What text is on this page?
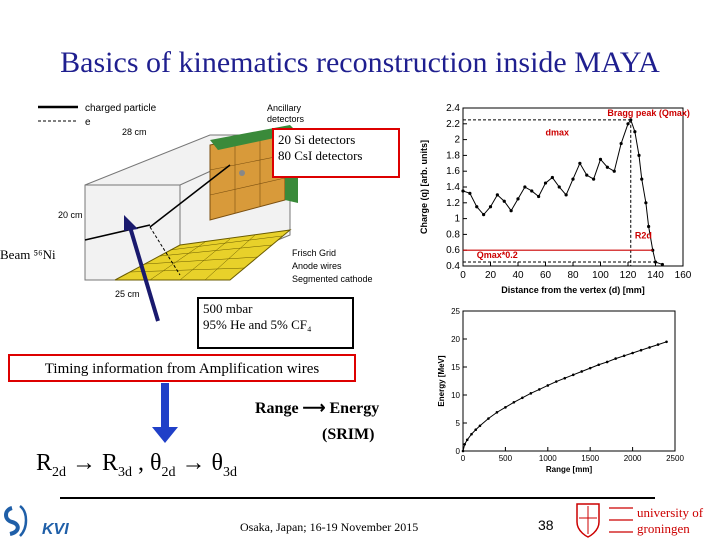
Basics of kinematics reconstruction inside MAYA
charged particle
e
28 cm
20 cm
25 cm
Ancillary
detectors
Frisch Grid
Anode wires
Segmented cathode
20 Si detectors
80 CsI detectors
Beam ⁵⁶Ni
500 mbar
95% He and 5% CF₄
Timing information from Amplification wires
Range ⟶ Energy
(SRIM)
$R_{2d} \to R_{3d}$ , $\theta_{2d} \to \theta_{3d}$
0 20 40 60 80 100 120 140 160
0.4
0.6
0.8
1
1.2
1.4
1.6
1.8
2
2.2
2.4
Distance from the vertex (d) [mm]
Charge (q) [arb. units]
Bragg peak (Qmax)
dmax
R2d
Qmax*0.2
0	500	1000	1500	2000	2500
0
5
10
15
20
25
Range [mm]
Energy [MeV]
KVI	Osaka, Japan; 16-19 November 2015	38
university of
groningen
